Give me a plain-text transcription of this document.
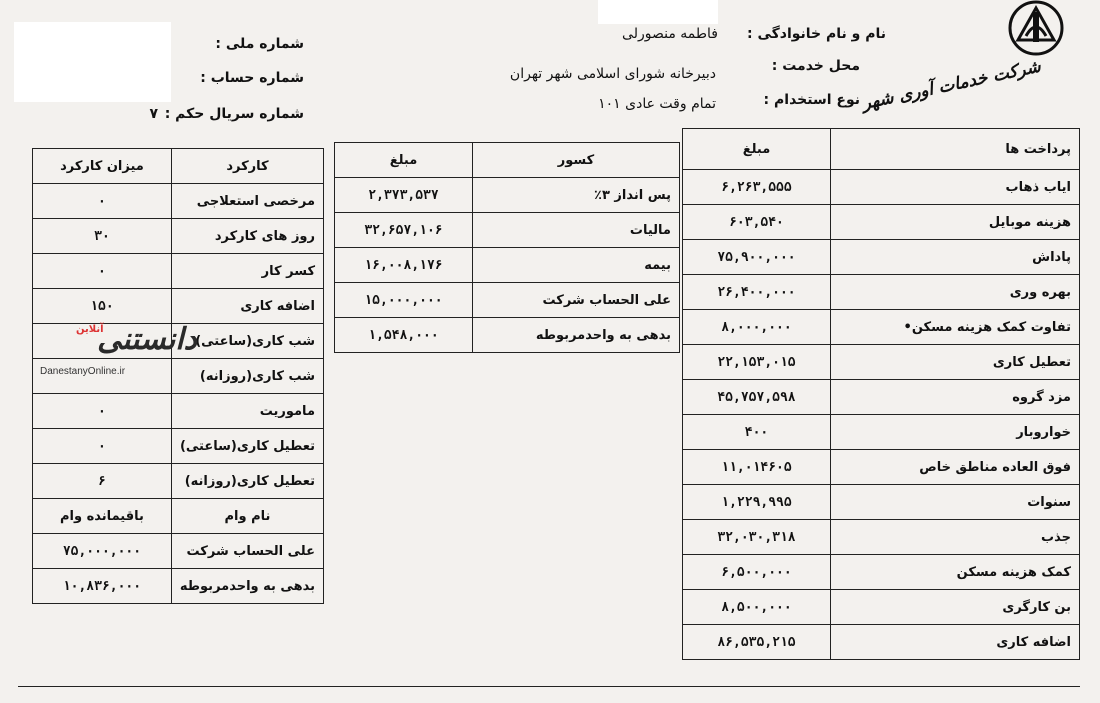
شرکت خدمات آوری شهر
نام و نام خانوادگی :
فاطمه منصورلی
محل خدمت :
دبیرخانه شورای اسلامی شهر تهران
نوع استخدام :
تمام وقت عادی ۱۰۱
شماره ملی :
شماره حساب :
شماره سریال حکم :
۷
پرداخت ها	مبلغ
ایاب ذهاب	۶,۲۶۳,۵۵۵
هزینه موبایل	۶۰۳,۵۴۰
پاداش	۷۵,۹۰۰,۰۰۰
بهره وری	۲۶,۴۰۰,۰۰۰
تفاوت کمک هزینه مسکن•	۸,۰۰۰,۰۰۰
تعطیل کاری	۲۲,۱۵۳,۰۱۵
مزد گروه	۴۵,۷۵۷,۵۹۸
خواروبار	۴۰۰
فوق العاده مناطق خاص	۱۱,۰۱۴۶۰۵
سنوات	۱,۲۲۹,۹۹۵
جذب	۳۲,۰۳۰,۳۱۸
کمک هزینه مسکن	۶,۵۰۰,۰۰۰
بن کارگری	۸,۵۰۰,۰۰۰
اضافه کاری	۸۶,۵۳۵,۲۱۵
کسور	مبلغ
پس انداز ۳٪	۲,۳۷۳,۵۳۷
مالیات	۳۲,۶۵۷,۱۰۶
بیمه	۱۶,۰۰۸,۱۷۶
علی الحساب شرکت	۱۵,۰۰۰,۰۰۰
بدهی به واحدمربوطه	۱,۵۴۸,۰۰۰
کارکرد	میزان کارکرد
مرخصی استعلاجی	۰
روز های کارکرد	۳۰
کسر کار	۰
اضافه کاری	۱۵۰
شب کاری(ساعتی)	
شب کاری(روزانه)	
ماموریت	۰
تعطیل کاری(ساعتی)	۰
تعطیل کاری(روزانه)	۶
نام وام	باقیمانده وام
علی الحساب شرکت	۷۵,۰۰۰,۰۰۰
بدهی به واحدمربوطه	۱۰,۸۳۶,۰۰۰
دانستنی
آنلاین
DanestanyOnline.ir
